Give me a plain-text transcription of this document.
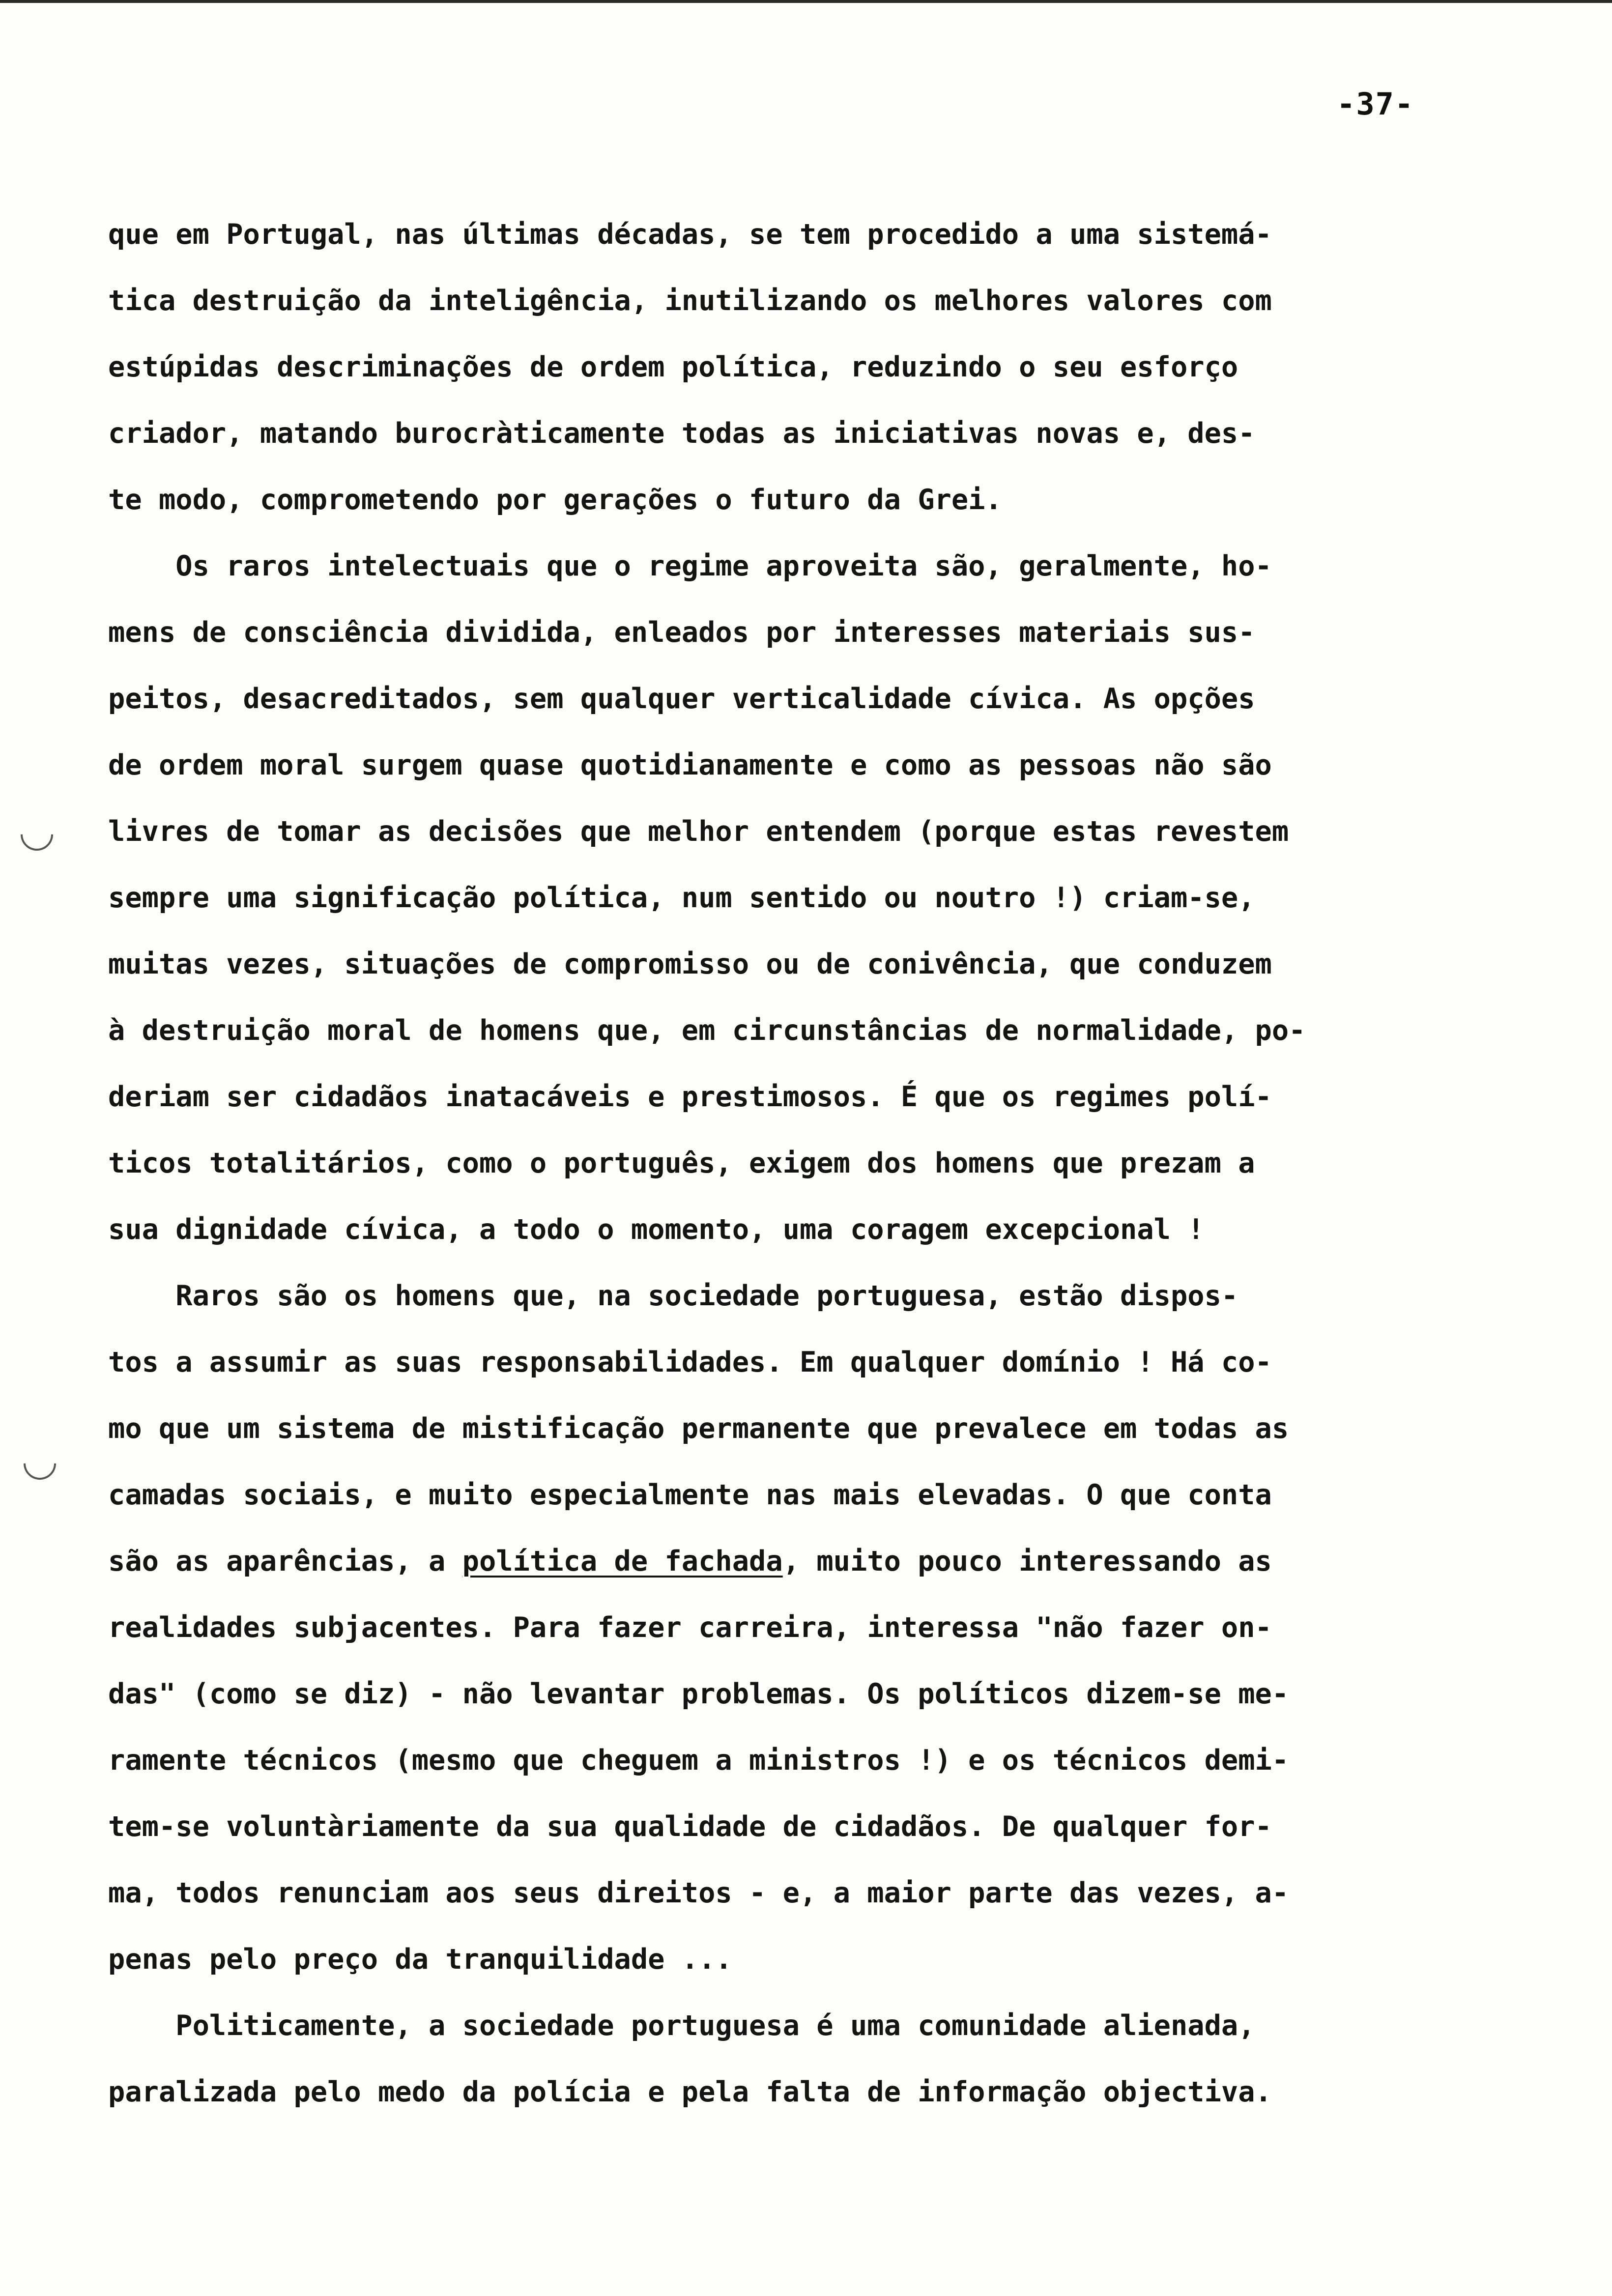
-37-
que em Portugal, nas últimas décadas, se tem procedido a uma sistemá-
tica destruição da inteligência, inutilizando os melhores valores com
estúpidas descriminações de ordem política, reduzindo o seu esforço
criador, matando burocràticamente todas as iniciativas novas e, des-
te modo, comprometendo por gerações o futuro da Grei.
Os raros intelectuais que o regime aproveita são, geralmente, ho-
mens de consciência dividida, enleados por interesses materiais sus-
peitos, desacreditados, sem qualquer verticalidade cívica. As opções
de ordem moral surgem quase quotidianamente e como as pessoas não são
livres de tomar as decisões que melhor entendem (porque estas revestem
sempre uma significação política, num sentido ou noutro !) criam-se,
muitas vezes, situações de compromisso ou de conivência, que conduzem
à destruição moral de homens que, em circunstâncias de normalidade, po-
deriam ser cidadãos inatacáveis e prestimosos. É que os regimes polí-
ticos totalitários, como o português, exigem dos homens que prezam a
sua dignidade cívica, a todo o momento, uma coragem excepcional !
Raros são os homens que, na sociedade portuguesa, estão dispos-
tos a assumir as suas responsabilidades. Em qualquer domínio ! Há co-
mo que um sistema de mistificação permanente que prevalece em todas as
camadas sociais, e muito especialmente nas mais elevadas. O que conta
são as aparências, a política de fachada, muito pouco interessando as
realidades subjacentes. Para fazer carreira, interessa "não fazer on-
das" (como se diz) - não levantar problemas. Os políticos dizem-se me-
ramente técnicos (mesmo que cheguem a ministros !) e os técnicos demi-
tem-se voluntàriamente da sua qualidade de cidadãos. De qualquer for-
ma, todos renunciam aos seus direitos - e, a maior parte das vezes, a-
penas pelo preço da tranquilidade ...
Politicamente, a sociedade portuguesa é uma comunidade alienada,
paralizada pelo medo da polícia e pela falta de informação objectiva.
